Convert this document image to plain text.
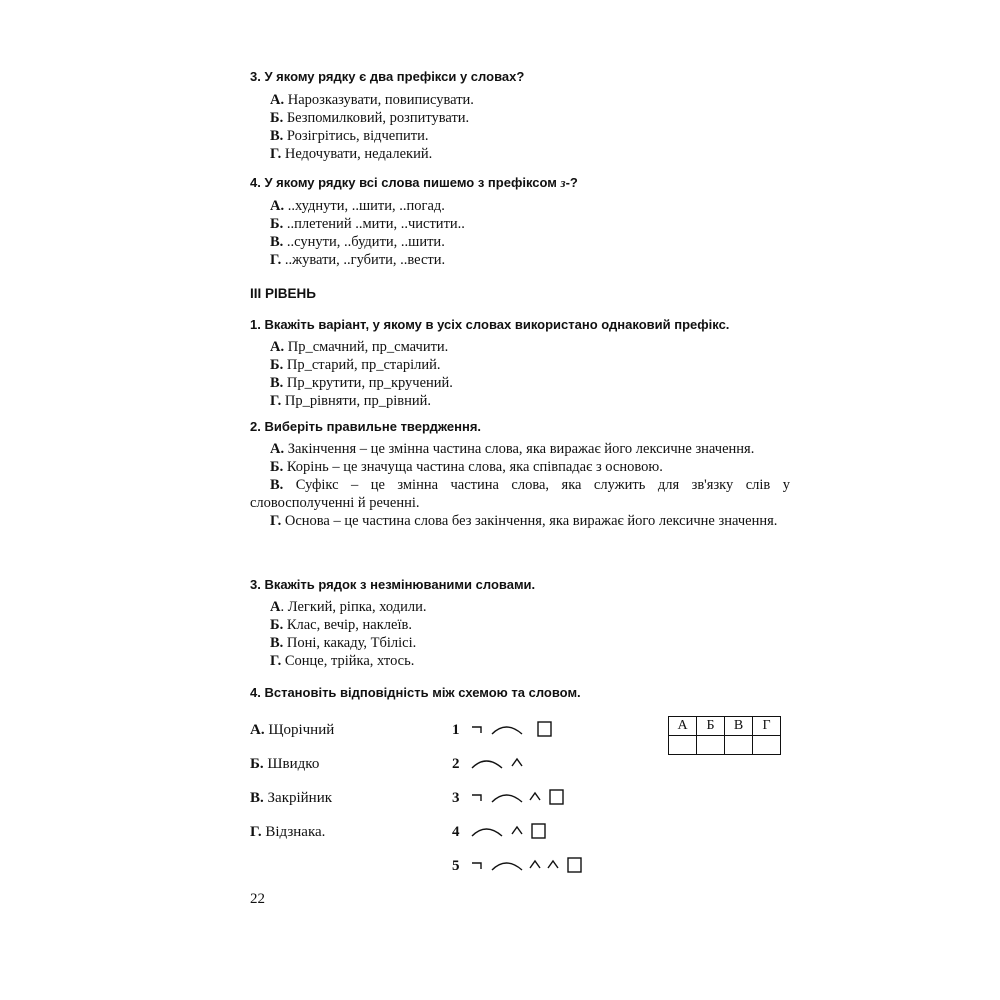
3. У якому рядку є два префікси у словах?
А. Нарозказувати, повиписувати.
Б. Безпомилковий, розпитувати.
В. Розігрітись, відчепити.
Г. Недочувати, недалекий.
4. У якому рядку всі слова пишемо з префіксом з-?
А. ..худнути, ..шити, ..погад.
Б. ..плетений ..мити, ..чистити..
В. ..сунути, ..будити, ..шити.
Г. ..жувати, ..губити, ..вести.
ІІІ РІВЕНЬ
1. Вкажіть варіант, у якому в усіх словах використано однаковий префікс.
А. Пр_смачний, пр_смачити.
Б. Пр_старий, пр_старілий.
В. Пр_крутити, пр_кручений.
Г. Пр_рівняти, пр_рівний.
2. Виберіть правильне твердження.
А. Закінчення – це змінна частина слова, яка виражає його лексичне значення.
Б. Корінь – це значуща частина слова, яка співпадає з основою.
В. Суфікс – це змінна частина слова, яка служить для зв'язку слів у словосполученні й реченні.
Г. Основа – це частина слова без закінчення, яка виражає його лексичне значення.
3. Вкажіть рядок з незмінюваними словами.
А. Легкий, ріпка, ходили.
Б. Клас, вечір, наклеїв.
В. Поні, какаду, Тбілісі.
Г. Сонце, трійка, хтось.
4. Встановіть відповідність між схемою та словом.
А. Щорічний
Б. Швидко
В. Закрійник
Г. Відзнака.
1
2
3
4
5
А	Б	В	Г

22
